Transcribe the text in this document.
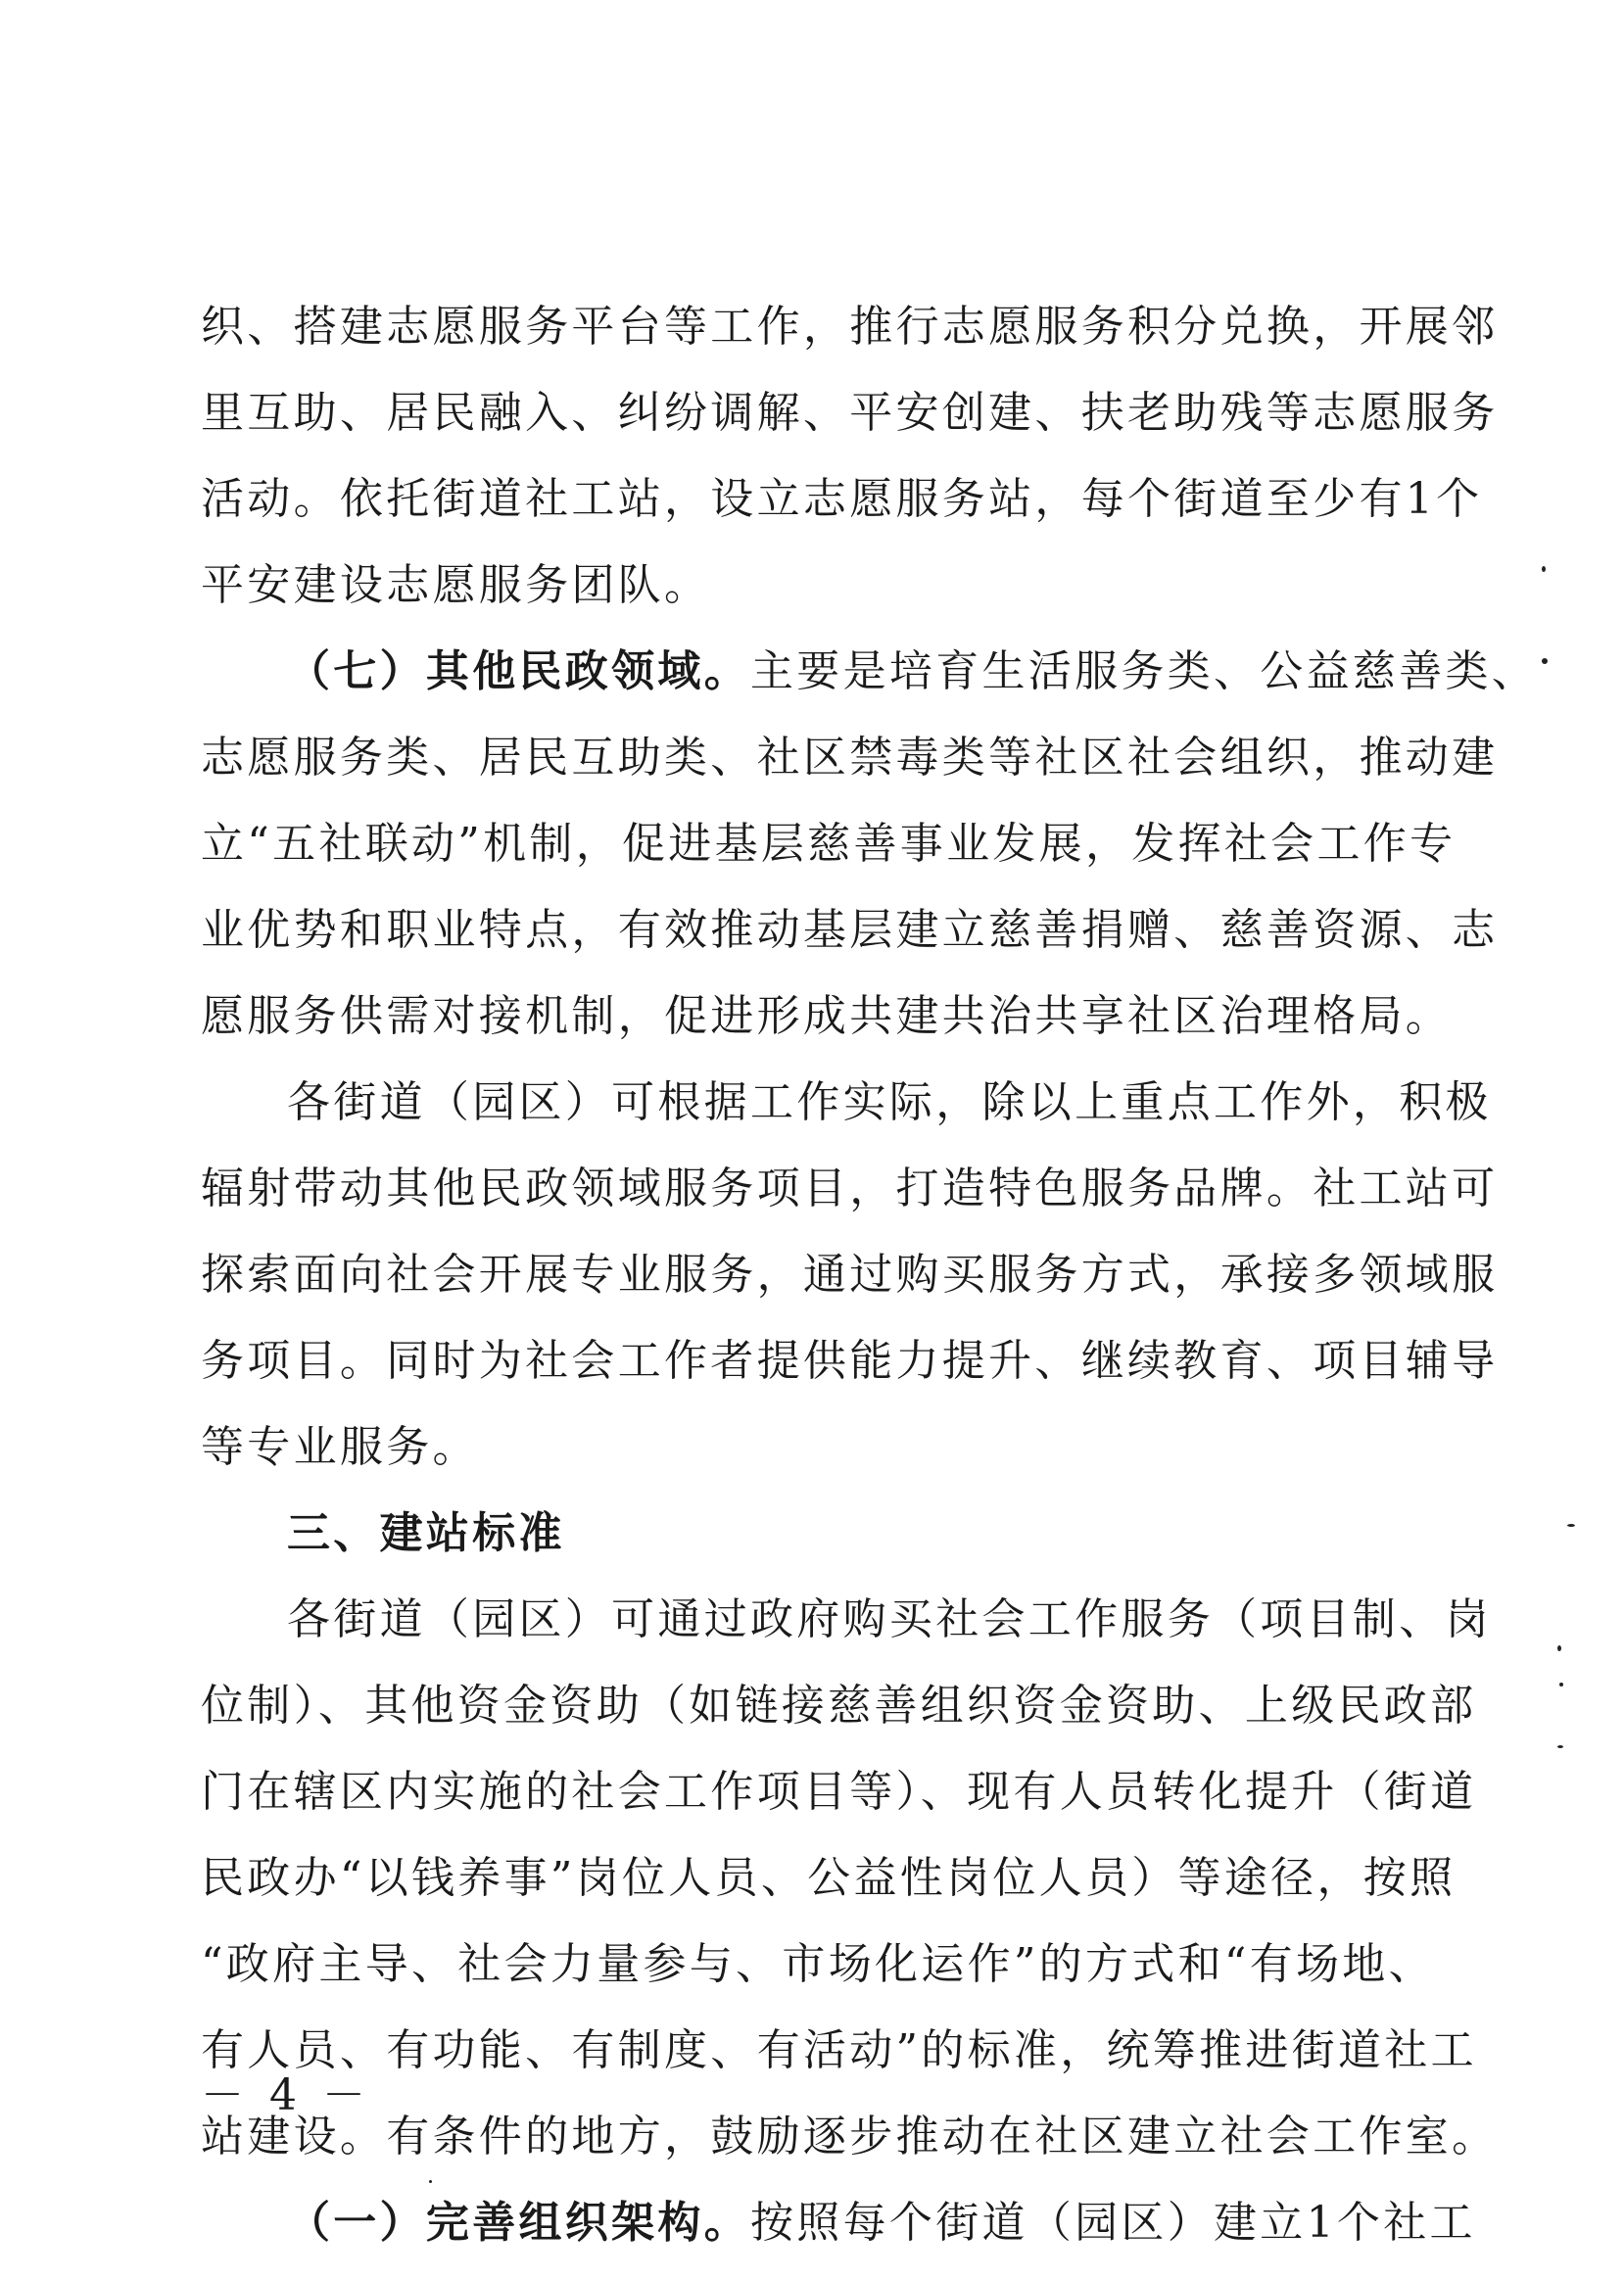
织、搭建志愿服务平台等工作，推行志愿服务积分兑换，开展邻
里互助、居民融入、纠纷调解、平安创建、扶老助残等志愿服务
活动。依托街道社工站，设立志愿服务站，每个街道至少有1个
平安建设志愿服务团队。
（七）其他民政领域。主要是培育生活服务类、公益慈善类、
志愿服务类、居民互助类、社区禁毒类等社区社会组织，推动建
立“五社联动”机制，促进基层慈善事业发展，发挥社会工作专
业优势和职业特点，有效推动基层建立慈善捐赠、慈善资源、志
愿服务供需对接机制，促进形成共建共治共享社区治理格局。
各街道（园区）可根据工作实际，除以上重点工作外，积极
辐射带动其他民政领域服务项目，打造特色服务品牌。社工站可
探索面向社会开展专业服务，通过购买服务方式，承接多领域服
务项目。同时为社会工作者提供能力提升、继续教育、项目辅导
等专业服务。
三、建站标准
各街道（园区）可通过政府购买社会工作服务（项目制、岗
位制）、其他资金资助（如链接慈善组织资金资助、上级民政部
门在辖区内实施的社会工作项目等）、现有人员转化提升（街道
民政办“以钱养事”岗位人员、公益性岗位人员）等途径，按照
“政府主导、社会力量参与、市场化运作”的方式和“有场地、
有人员、有功能、有制度、有活动”的标准，统筹推进街道社工
站建设。有条件的地方，鼓励逐步推动在社区建立社会工作室。
（一）完善组织架构。按照每个街道（园区）建立1个社工
－ 4 －
